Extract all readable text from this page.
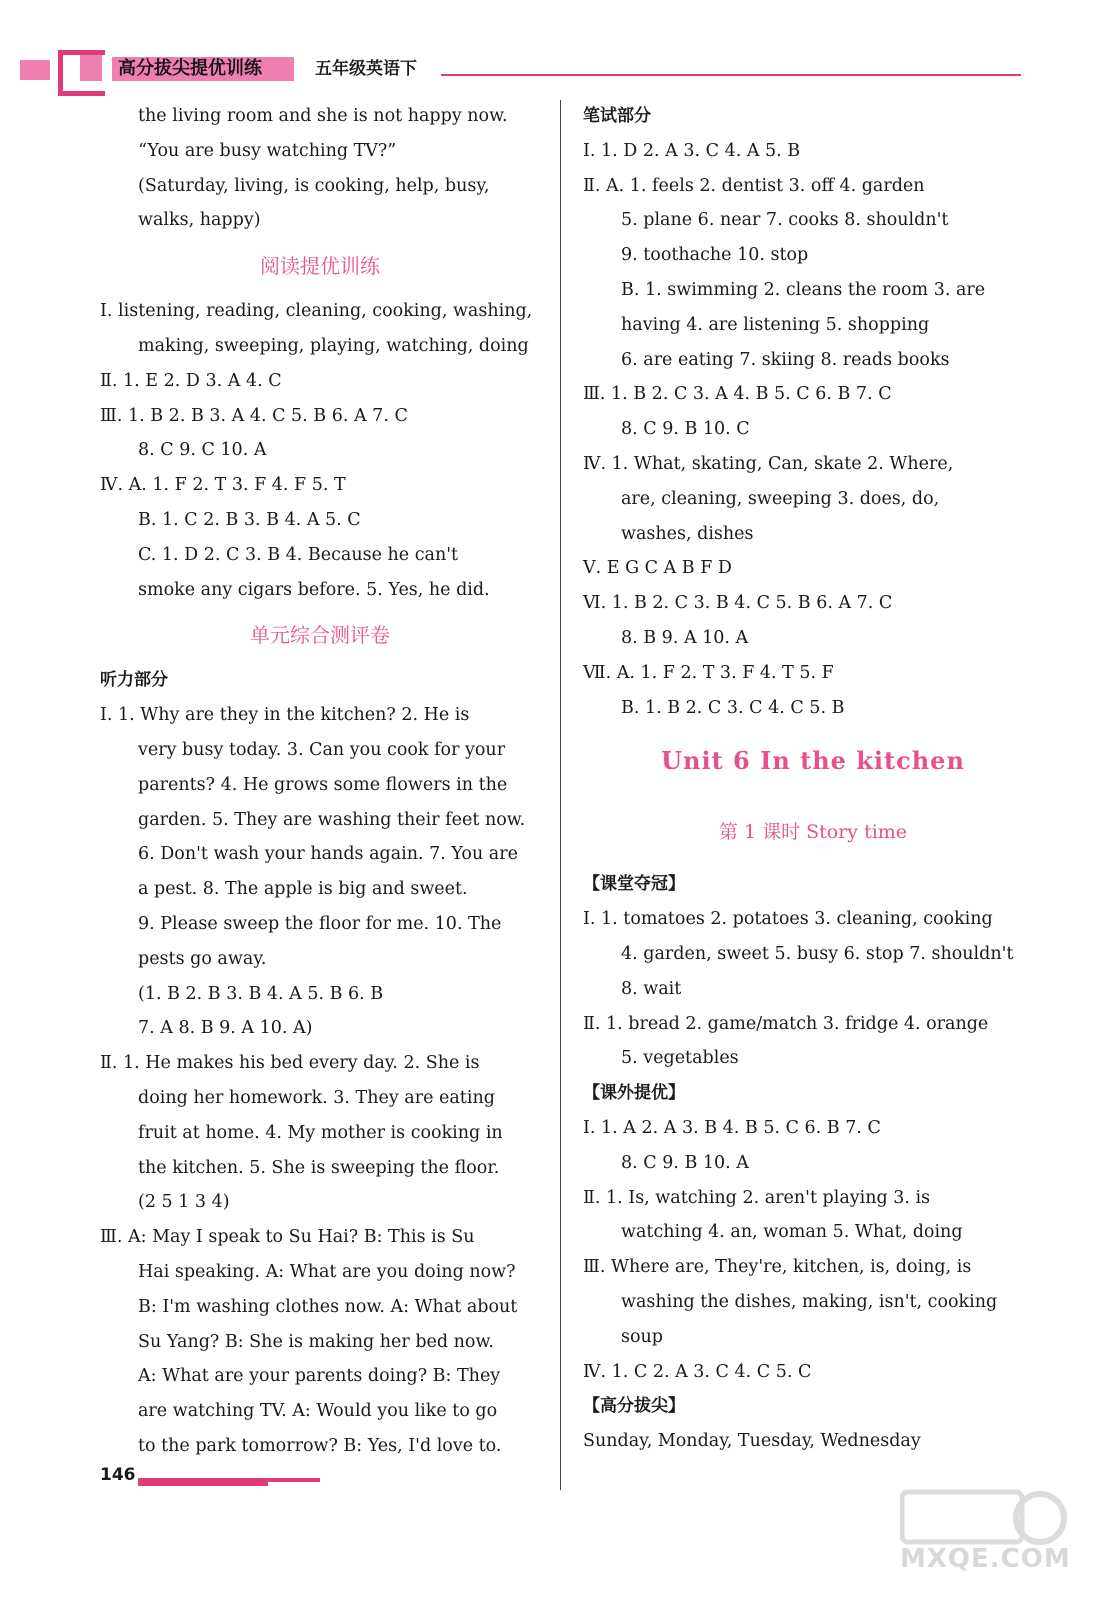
高分拔尖提优训练	五年级英语下
the living room and she is not happy now.
“You are busy watching TV?”
(Saturday, living, is cooking, help, busy,
walks, happy)
阅读提优训练
Ⅰ. listening, reading, cleaning, cooking, washing,
making, sweeping, playing, watching, doing
Ⅱ. 1. E 2. D 3. A 4. C
Ⅲ. 1. B 2. B 3. A 4. C 5. B 6. A 7. C
8. C 9. C 10. A
Ⅳ. A. 1. F 2. T 3. F 4. F 5. T
B. 1. C 2. B 3. B 4. A 5. C
C. 1. D 2. C 3. B 4. Because he can't
smoke any cigars before. 5. Yes, he did.
单元综合测评卷
听力部分
Ⅰ. 1. Why are they in the kitchen? 2. He is
very busy today. 3. Can you cook for your
parents? 4. He grows some flowers in the
garden. 5. They are washing their feet now.
6. Don't wash your hands again. 7. You are
a pest. 8. The apple is big and sweet.
9. Please sweep the floor for me. 10. The
pests go away.
(1. B 2. B 3. B 4. A 5. B 6. B
7. A 8. B 9. A 10. A)
Ⅱ. 1. He makes his bed every day. 2. She is
doing her homework. 3. They are eating
fruit at home. 4. My mother is cooking in
the kitchen. 5. She is sweeping the floor.
(2 5 1 3 4)
Ⅲ. A: May I speak to Su Hai? B: This is Su
Hai speaking. A: What are you doing now?
B: I'm washing clothes now. A: What about
Su Yang? B: She is making her bed now.
A: What are your parents doing? B: They
are watching TV. A: Would you like to go
to the park tomorrow? B: Yes, I'd love to.
笔试部分
Ⅰ. 1. D 2. A 3. C 4. A 5. B
Ⅱ. A. 1. feels 2. dentist 3. off 4. garden
5. plane 6. near 7. cooks 8. shouldn't
9. toothache 10. stop
B. 1. swimming 2. cleans the room 3. are
having 4. are listening 5. shopping
6. are eating 7. skiing 8. reads books
Ⅲ. 1. B 2. C 3. A 4. B 5. C 6. B 7. C
8. C 9. B 10. C
Ⅳ. 1. What, skating, Can, skate 2. Where,
are, cleaning, sweeping 3. does, do,
washes, dishes
Ⅴ. E G C A B F D
Ⅵ. 1. B 2. C 3. B 4. C 5. B 6. A 7. C
8. B 9. A 10. A
Ⅶ. A. 1. F 2. T 3. F 4. T 5. F
B. 1. B 2. C 3. C 4. C 5. B
Unit 6 In the kitchen
第 1 课时 Story time
【课堂夺冠】
Ⅰ. 1. tomatoes 2. potatoes 3. cleaning, cooking
4. garden, sweet 5. busy 6. stop 7. shouldn't
8. wait
Ⅱ. 1. bread 2. game/match 3. fridge 4. orange
5. vegetables
【课外提优】
Ⅰ. 1. A 2. A 3. B 4. B 5. C 6. B 7. C
8. C 9. B 10. A
Ⅱ. 1. Is, watching 2. aren't playing 3. is
watching 4. an, woman 5. What, doing
Ⅲ. Where are, They're, kitchen, is, doing, is
washing the dishes, making, isn't, cooking
soup
Ⅳ. 1. C 2. A 3. C 4. C 5. C
【高分拔尖】
Sunday, Monday, Tuesday, Wednesday
146
MXQE.COM
